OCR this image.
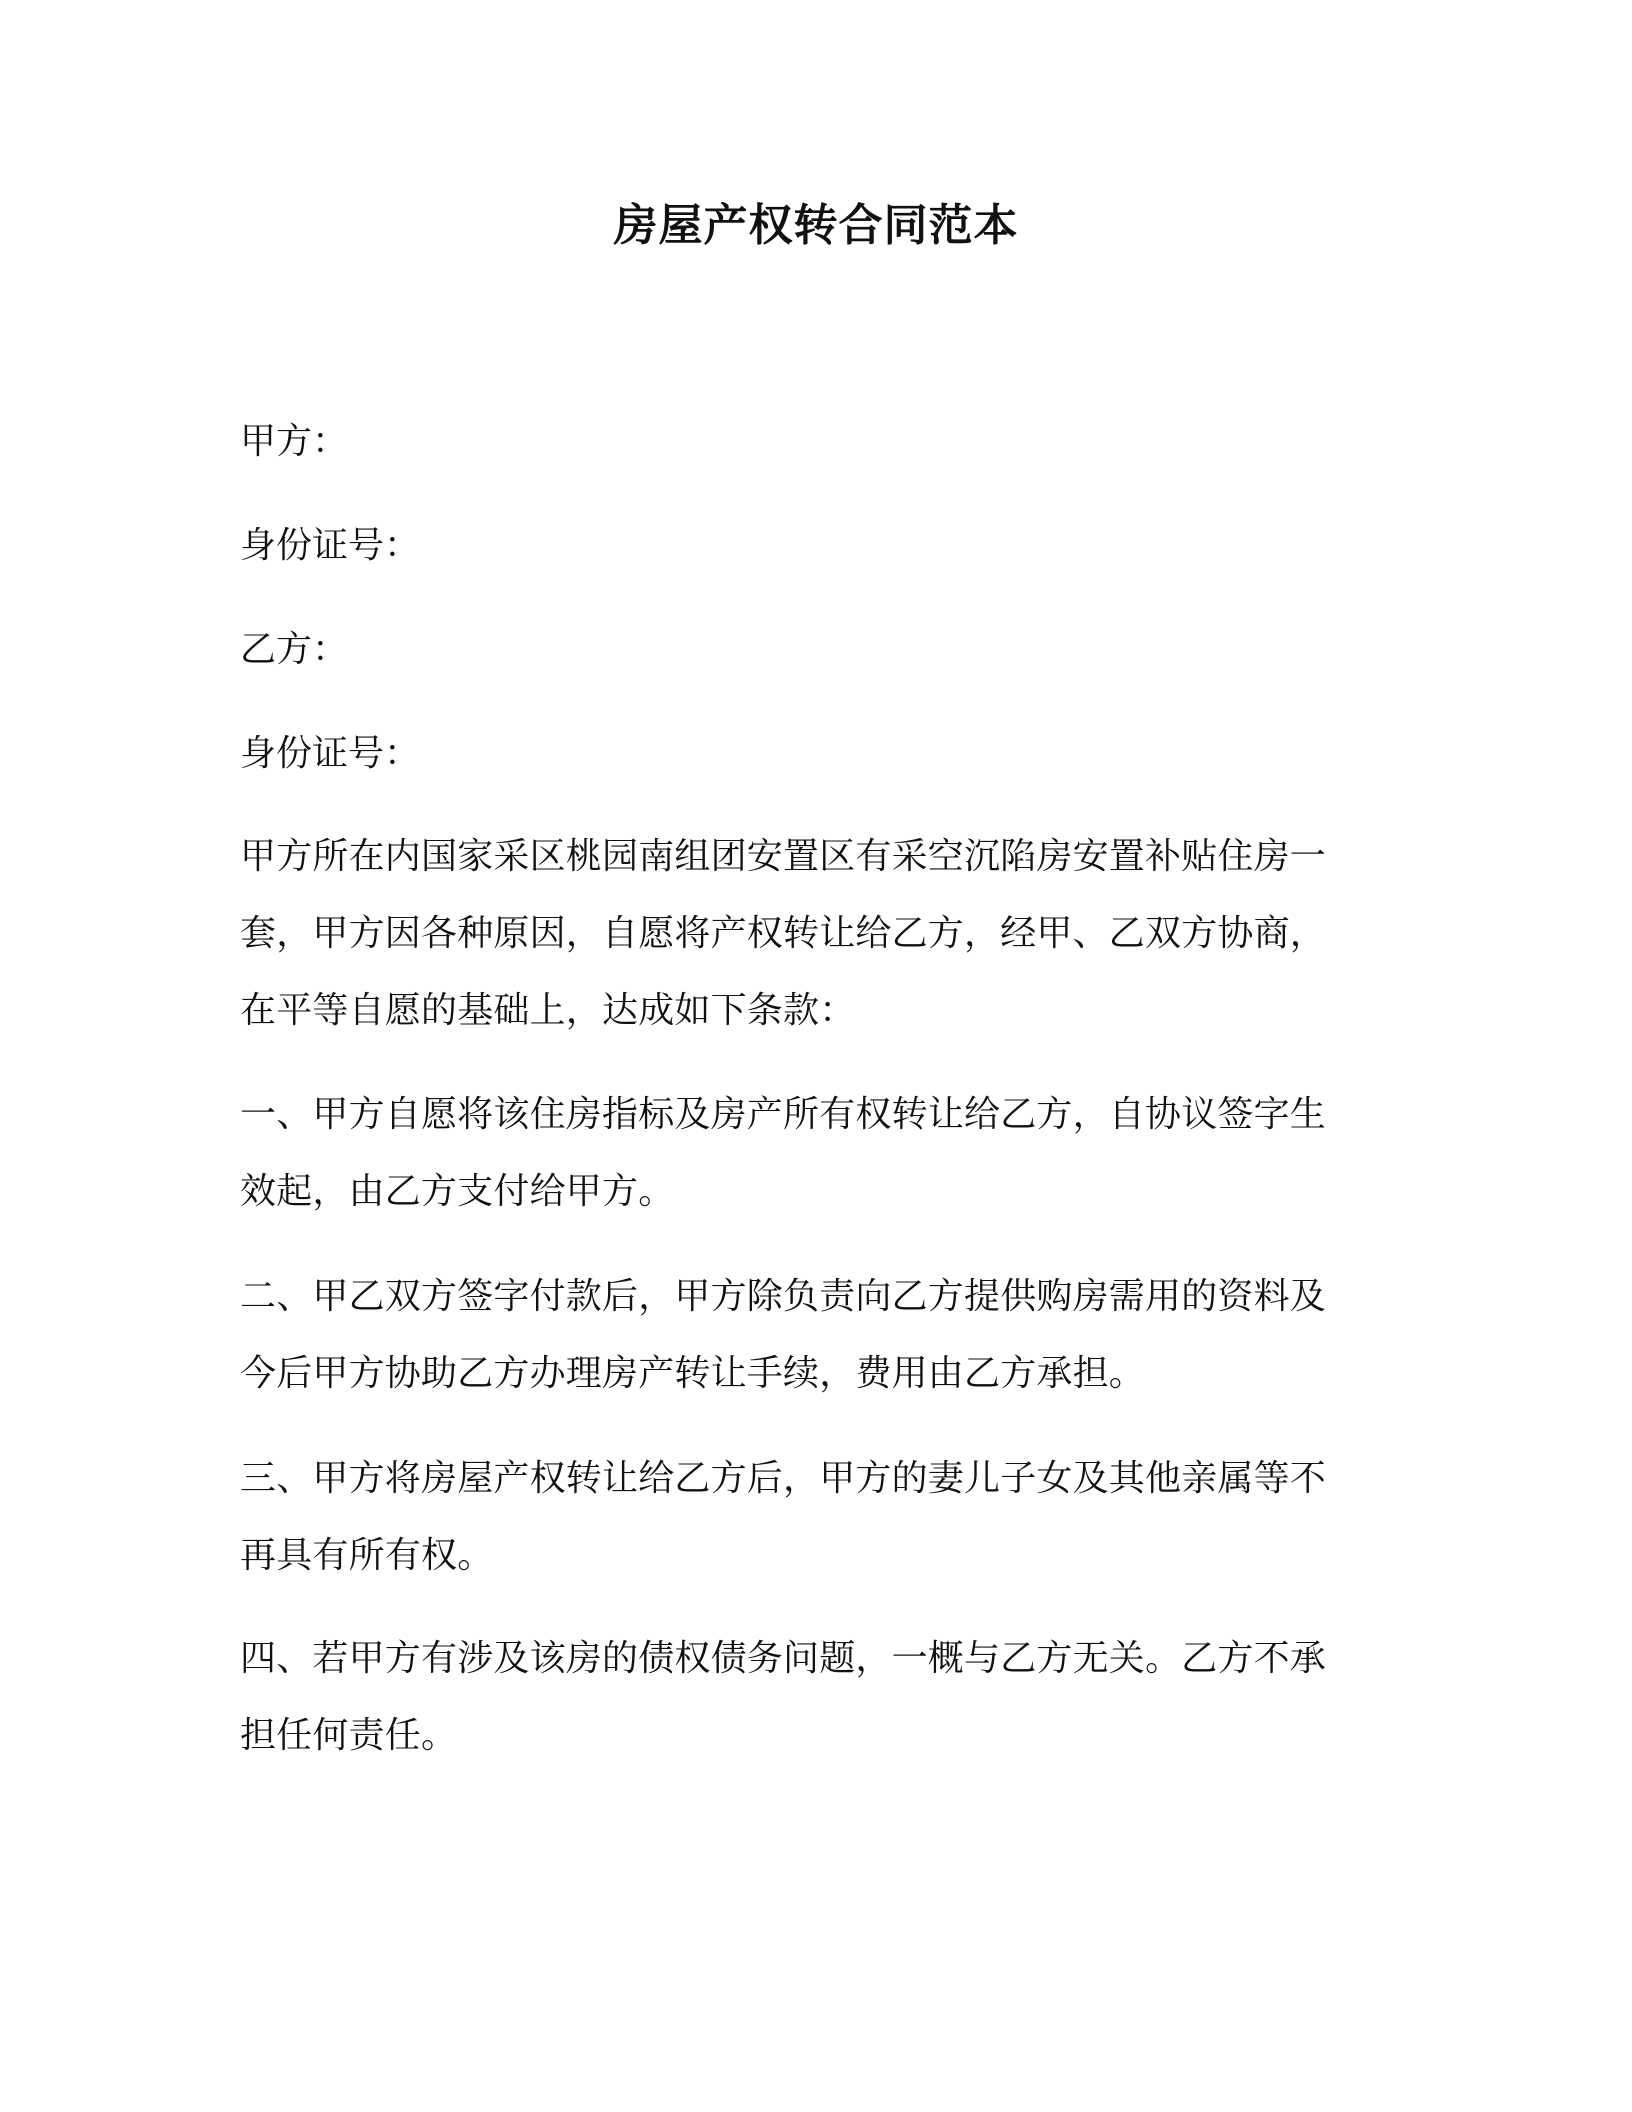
房屋产权转合同范本
甲方：
身份证号：
乙方：
身份证号：
甲方所在内国家采区桃园南组团安置区有采空沉陷房安置补贴住房一套，甲方因各种原因，自愿将产权转让给乙方，经甲、乙双方协商，在平等自愿的基础上，达成如下条款：
一、甲方自愿将该住房指标及房产所有权转让给乙方，自协议签字生效起，由乙方支付给甲方。
二、甲乙双方签字付款后，甲方除负责向乙方提供购房需用的资料及今后甲方协助乙方办理房产转让手续，费用由乙方承担。
三、甲方将房屋产权转让给乙方后，甲方的妻儿子女及其他亲属等不再具有所有权。
四、若甲方有涉及该房的债权债务问题，一概与乙方无关。乙方不承担任何责任。
